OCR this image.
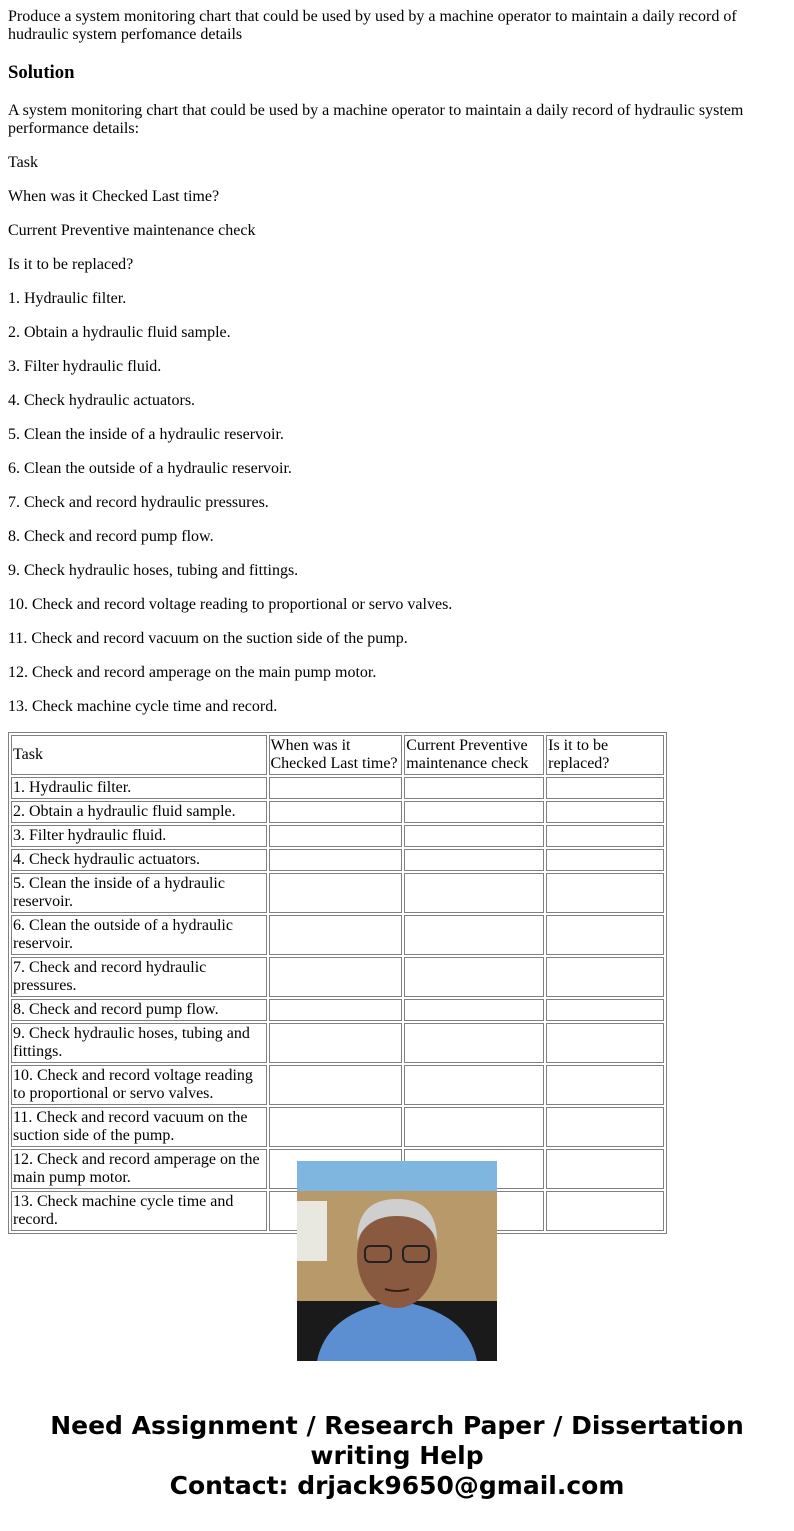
Produce a system monitoring chart that could be used by used by a machine operator to maintain a daily record of hudraulic system perfomance details

Solution

A system monitoring chart that could be used by a machine operator to maintain a daily record of hydraulic system performance details:

Task

When was it Checked Last time?

Current Preventive maintenance check

Is it to be replaced?

1. Hydraulic filter.

2. Obtain a hydraulic fluid sample.

3. Filter hydraulic fluid.

4. Check hydraulic actuators.

5. Clean the inside of a hydraulic reservoir.

6. Clean the outside of a hydraulic reservoir.

7. Check and record hydraulic pressures.

8. Check and record pump flow.

9. Check hydraulic hoses, tubing and fittings.

10. Check and record voltage reading to proportional or servo valves.

11. Check and record vacuum on the suction side of the pump.

12. Check and record amperage on the main pump motor.

13. Check machine cycle time and record.

Task	When was it Checked Last time?	Current Preventive maintenance check	Is it to be replaced?
1. Hydraulic filter.			
2. Obtain a hydraulic fluid sample.			
3. Filter hydraulic fluid.			
4. Check hydraulic actuators.			
5. Clean the inside of a hydraulic reservoir.			
6. Clean the outside of a hydraulic reservoir.			
7. Check and record hydraulic pressures.			
8. Check and record pump flow.			
9. Check hydraulic hoses, tubing and fittings.			
10. Check and record voltage reading to proportional or servo valves.			
11. Check and record vacuum on the suction side of the pump.			
12. Check and record amperage on the main pump motor.			
13. Check machine cycle time and record.			
Need Assignment / Research Paper / Dissertation
writing Help
Contact: drjack9650@gmail.com
